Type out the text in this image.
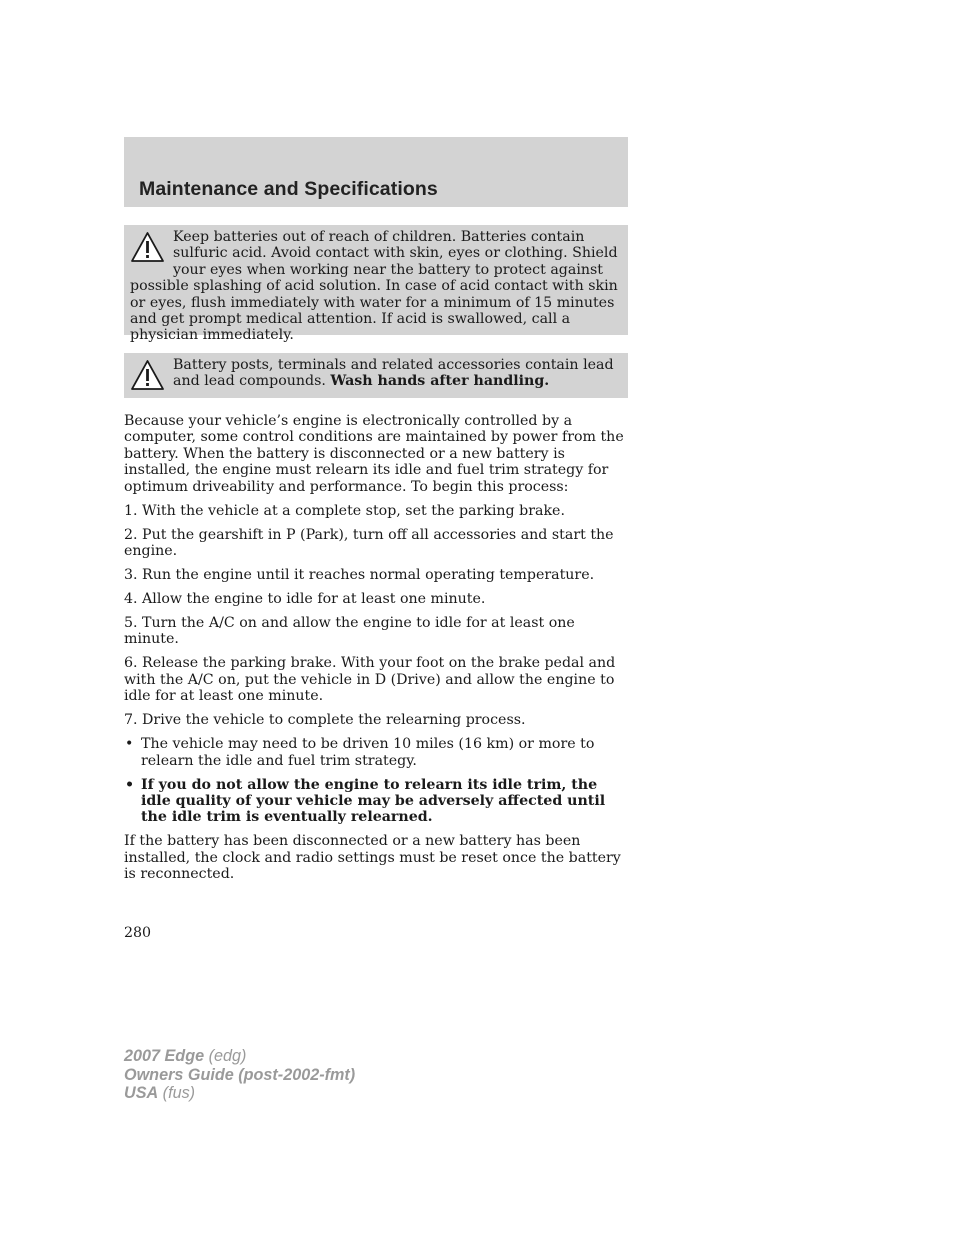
Maintenance and Specifications

Keep batteries out of reach of children. Batteries contain sulfuric acid. Avoid contact with skin, eyes or clothing. Shield your eyes when working near the battery to protect against possible splashing of acid solution. In case of acid contact with skin or eyes, flush immediately with water for a minimum of 15 minutes and get prompt medical attention. If acid is swallowed, call a physician immediately.

Battery posts, terminals and related accessories contain lead and lead compounds. Wash hands after handling.

Because your vehicle’s engine is electronically controlled by a computer, some control conditions are maintained by power from the battery. When the battery is disconnected or a new battery is installed, the engine must relearn its idle and fuel trim strategy for optimum driveability and performance. To begin this process:

1. With the vehicle at a complete stop, set the parking brake.

2. Put the gearshift in P (Park), turn off all accessories and start the engine.

3. Run the engine until it reaches normal operating temperature.

4. Allow the engine to idle for at least one minute.

5. Turn the A/C on and allow the engine to idle for at least one minute.

6. Release the parking brake. With your foot on the brake pedal and with the A/C on, put the vehicle in D (Drive) and allow the engine to idle for at least one minute.

7. Drive the vehicle to complete the relearning process.

• The vehicle may need to be driven 10 miles (16 km) or more to relearn the idle and fuel trim strategy.
• If you do not allow the engine to relearn its idle trim, the idle quality of your vehicle may be adversely affected until the idle trim is eventually relearned.

If the battery has been disconnected or a new battery has been installed, the clock and radio settings must be reset once the battery is reconnected.

280
2007 Edge (edg)
Owners Guide (post-2002-fmt)
USA (fus)
